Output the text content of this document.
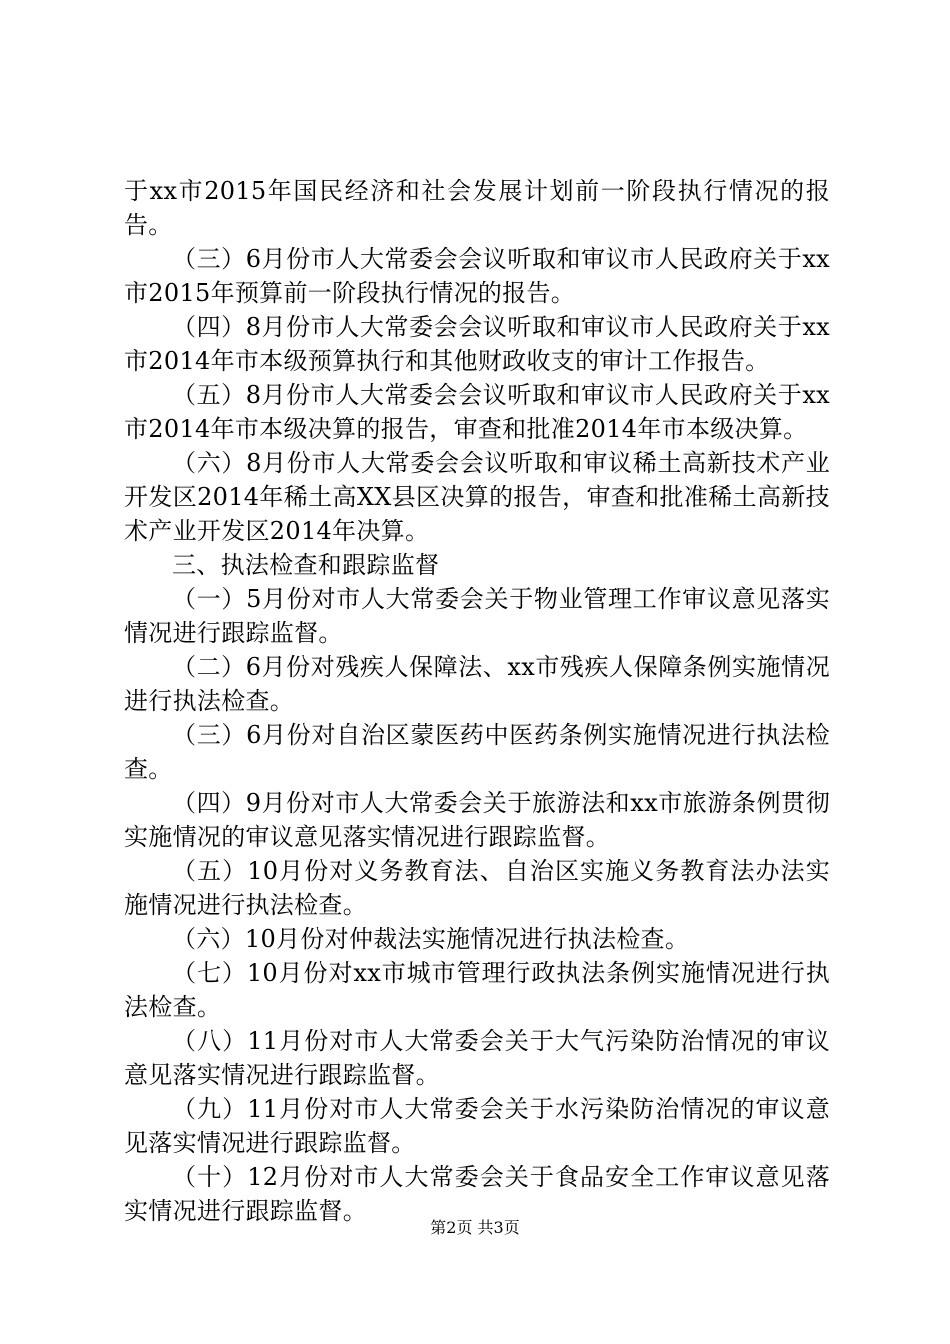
于xx市2015年国民经济和社会发展计划前一阶段执行情况的报告。

（三）6月份市人大常委会会议听取和审议市人民政府关于xx市2015年预算前一阶段执行情况的报告。

（四）8月份市人大常委会会议听取和审议市人民政府关于xx市2014年市本级预算执行和其他财政收支的审计工作报告。

（五）8月份市人大常委会会议听取和审议市人民政府关于xx市2014年市本级决算的报告，审查和批准2014年市本级决算。

（六）8月份市人大常委会会议听取和审议稀土高新技术产业开发区2014年稀土高XX县区决算的报告，审查和批准稀土高新技术产业开发区2014年决算。

三、执法检查和跟踪监督

（一）5月份对市人大常委会关于物业管理工作审议意见落实情况进行跟踪监督。

（二）6月份对残疾人保障法、xx市残疾人保障条例实施情况进行执法检查。

（三）6月份对自治区蒙医药中医药条例实施情况进行执法检查。

（四）9月份对市人大常委会关于旅游法和xx市旅游条例贯彻实施情况的审议意见落实情况进行跟踪监督。

（五）10月份对义务教育法、自治区实施义务教育法办法实施情况进行执法检查。

（六）10月份对仲裁法实施情况进行执法检查。

（七）10月份对xx市城市管理行政执法条例实施情况进行执法检查。

（八）11月份对市人大常委会关于大气污染防治情况的审议意见落实情况进行跟踪监督。

（九）11月份对市人大常委会关于水污染防治情况的审议意见落实情况进行跟踪监督。

（十）12月份对市人大常委会关于食品安全工作审议意见落实情况进行跟踪监督。

第2页 共3页
